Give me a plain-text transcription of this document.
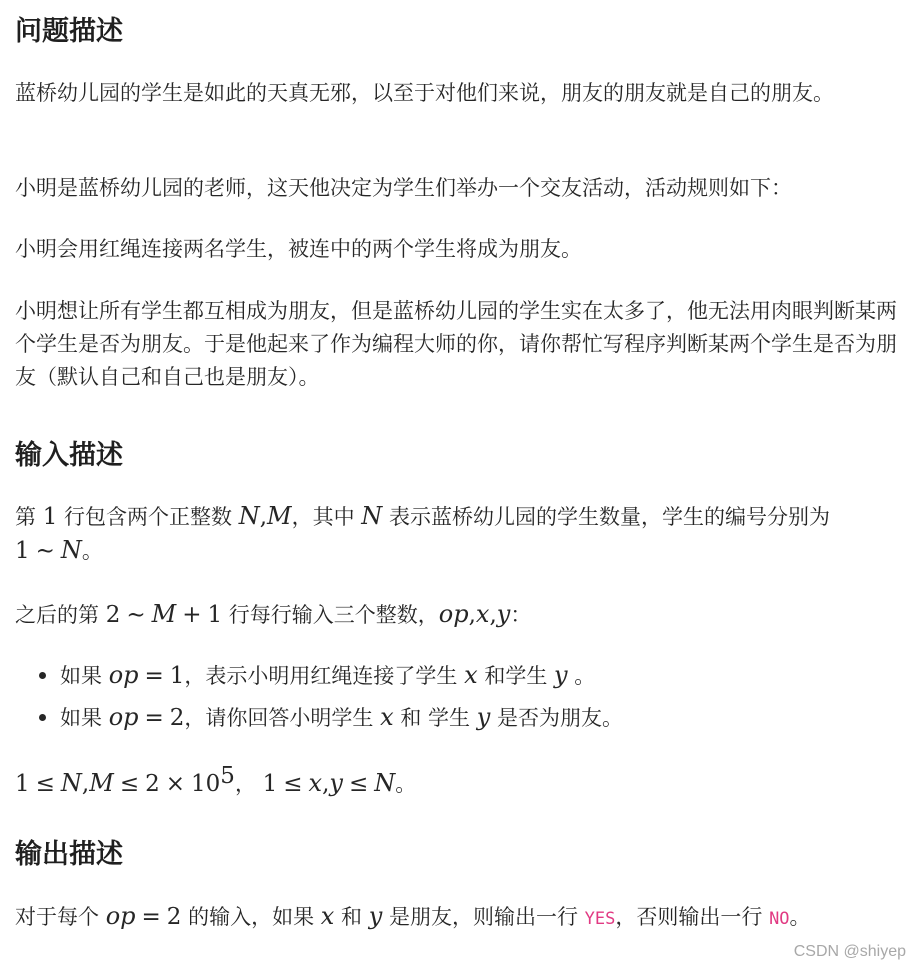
问题描述

蓝桥幼儿园的学生是如此的天真无邪，以至于对他们来说，朋友的朋友就是自己的朋友。

小明是蓝桥幼儿园的老师，这天他决定为学生们举办一个交友活动，活动规则如下：

小明会用红绳连接两名学生，被连中的两个学生将成为朋友。

小明想让所有学生都互相成为朋友，但是蓝桥幼儿园的学生实在太多了，他无法用肉眼判断某两个学生是否为朋友。于是他起来了作为编程大师的你，请你帮忙写程序判断某两个学生是否为朋友（默认自己和自己也是朋友）。

输入描述

第 1 行包含两个正整数 N,M，其中 N 表示蓝桥幼儿园的学生数量，学生的编号分别为 1 ∼ N。

之后的第 2 ∼ M + 1 行每行输入三个整数，op,x,y：

如果 op = 1，表示小明用红绳连接了学生 x 和学生 y 。
如果 op = 2，请你回答小明学生 x 和 学生 y 是否为朋友。

$1 \le N,M \le 2 \times 10^5$， 1 ≤ x,y ≤ N。

输出描述

对于每个 op = 2 的输入，如果 x 和 y 是朋友，则输出一行 YES，否则输出一行 NO。

CSDN @shiyep
